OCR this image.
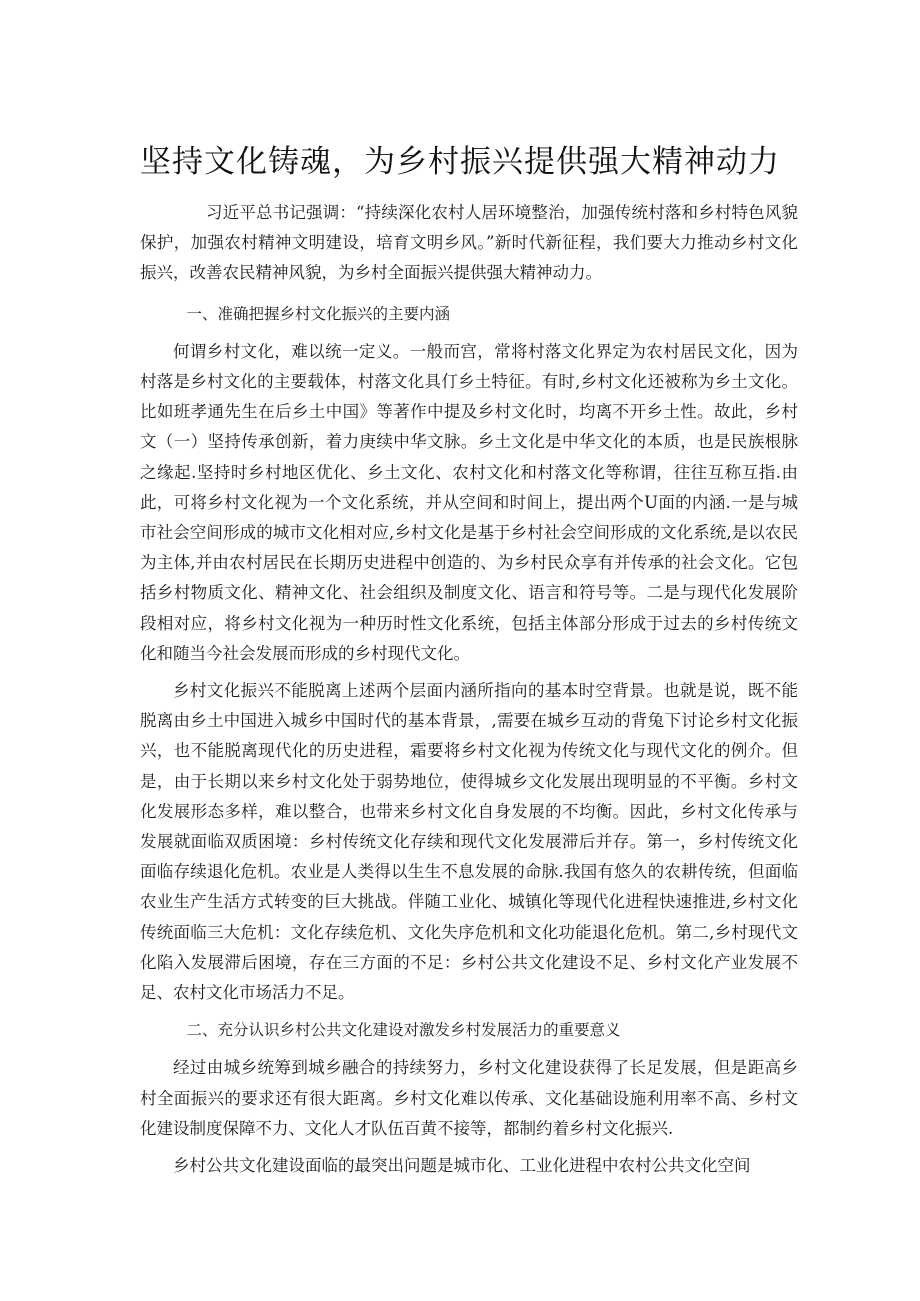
坚持文化铸魂，为乡村振兴提供强大精神动力

习近平总书记强调：“持续深化农村人居环境整治，加强传统村落和乡村特色风貌保护，加强农村精神文明建设，培育文明乡风。”新时代新征程，我们要大力推动乡村文化振兴，改善农民精神风貌，为乡村全面振兴提供强大精神动力。

一、准确把握乡村文化振兴的主要内涵

何谓乡村文化，难以统一定义。一般而宫，常将村落文化界定为农村居民文化，因为村落是乡村文化的主要载体，村落文化具仃乡土特征。有时,乡村文化还被称为乡土文化。比如班孝通先生在后乡土中国》等著作中提及乡村文化时，均离不开乡土性。故此，乡村文（一）坚持传承创新，着力庚续中华文脉。乡土文化是中华文化的本质，也是民族根脉之缘起.坚持时乡村地区优化、乡土文化、农村文化和村落文化等称谓，往往互称互指.由此，可将乡村文化视为一个文化系统，并从空间和时间上，提出两个U面的内涵.一是与城市社会空间形成的城市文化相对应,乡村文化是基于乡村社会空间形成的文化系统,是以农民为主体,并由农村居民在长期历史进程中创造的、为乡村民众享有并传承的社会文化。它包括乡村物质文化、精神文化、社会组织及制度文化、语言和符号等。二是与现代化发展阶段相对应，将乡村文化视为一种历时性文化系统，包括主体部分形成于过去的乡村传统文化和随当今社会发展而形成的乡村现代文化。

乡村文化振兴不能脱离上述两个层面内涵所指向的基本时空背景。也就是说，既不能脱离由乡土中国进入城乡中国时代的基本背景，,需要在城乡互动的背兔下讨论乡村文化振兴，也不能脱离现代化的历史进程，霜要将乡村文化视为传统文化与现代文化的例介。但是，由于长期以来乡村文化处于弱势地位，使得城乡文化发展出现明显的不平衡。乡村文化发展形态多样，难以整合，也带来乡村文化自身发展的不均衡。因此，乡村文化传承与发展就面临双质困境：乡村传统文化存续和现代文化发展滞后并存。第一，乡村传统文化面临存续退化危机。农业是人类得以生生不息发展的命脉.我国有悠久的农耕传统，但面临农业生产生活方式转变的巨大挑战。伴随工业化、城镇化等现代化进程快速推进,乡村文化传统面临三大危机：文化存续危机、文化失序危机和文化功能退化危机。第二,乡村现代文化陷入发展滞后困境，存在三方面的不足：乡村公共文化建设不足、乡村文化产业发展不足、农村文化市场活力不足。

二、充分认识乡村公共文化建设对激发乡村发展活力的重要意义

经过由城乡统筹到城乡融合的持续努力，乡村文化建设获得了长足发展，但是距高乡村全面振兴的要求还有很大距离。乡村文化难以传承、文化基础设施利用率不高、乡村文化建设制度保障不力、文化人才队伍百黄不接等，都制约着乡村文化振兴.

乡村公共文化建设面临的最突出问题是城市化、工业化进程中农村公共文化空间
